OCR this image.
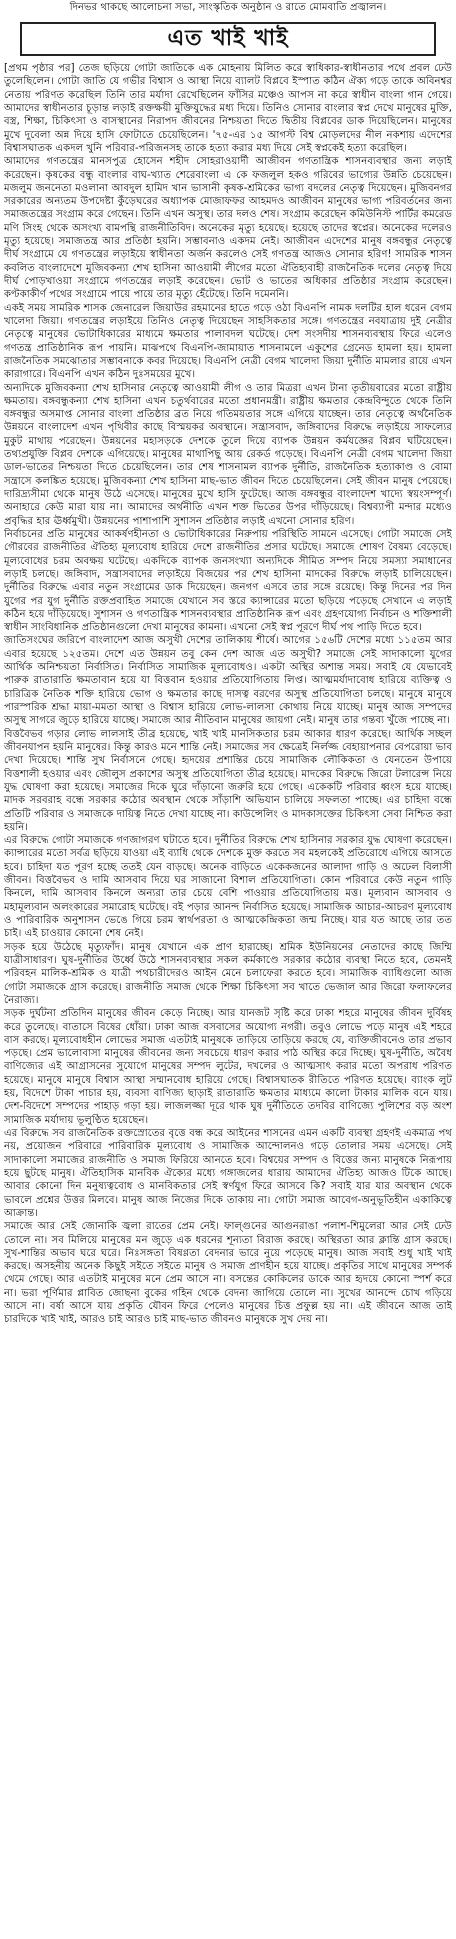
দিনভর থাকছে আলোচনা সভা, সাংস্কৃতিক অনুষ্ঠান ও রাতে মোমবাতি প্রজ্বালন।
এত খাই খাই

[প্রথম পৃষ্ঠার পর] তেজ ছড়িয়ে গোটা জাতিকে এক মোহনায় মিলিত করে স্বাধিকার-স্বাধীনতার পথে প্রবল ঢেউ তুলেছিলেন। গোটা জাতি যে গভীর বিশ্বাস ও আস্থা নিয়ে ব্যালট বিপ্লবে ইস্পাত কঠিন ঐক্য গড়ে তাকে অবিনশ্বর নেতায় পরিণত করেছিল তিনি তার মর্যাদা রেখেছিলেন ফাঁসির মঞ্চেও আপস না করে স্বাধীন বাংলা গান গেয়ে। আমাদের স্বাধীনতার চূড়ান্ত লড়াই রক্তক্ষয়ী মুক্তিযুদ্ধের মধ্য দিয়ে। তিনিও সোনার বাংলার স্বপ্ন দেখে মানুষের মুক্তি, বস্ত্র, শিক্ষা, চিকিৎসা ও বাসস্থানের নিরাপদ জীবনের নিশ্চয়তা দিতে দ্বিতীয় বিপ্লবের ডাক দিয়েছিলেন। মানুষের মুখে দুবেলা অন্ন দিয়ে হাসি ফোটাতে চেয়েছিলেন। '৭৫-এর ১৫ আগস্ট বিশ্ব মোড়লদের নীল নকশায় এদেশের বিশ্বাসঘাতক একদল খুনি পরিবার-পরিজনসহ তাকে হত্যা করার মধ্য দিয়ে সেই স্বপ্নকেই হত্যা করেছিল।

আমাদের গণতন্ত্রের মানসপুত্র হোসেন শহীদ সোহরাওয়ার্দী আজীবন গণতান্ত্রিক শাসনব্যবস্থার জন্য লড়াই করেছেন। কৃষকের বন্ধু বাংলার বাঘ-খ্যাত শেরেবাংলা এ কে ফজলুল হকও গরিবের ভাগ্যের উন্নতি চেয়েছেন। মজলুম জননেতা মওলানা আবদুল হামিদ খান ভাসানী কৃষক-শ্রমিকের ভাগ্য বদলের নেতৃত্ব দিয়েছেন। মুজিবনগর সরকারের অন্যতম উপদেষ্টা কুঁড়েঘরের অধ্যাপক মোজাফফর আহমদও আজীবন মানুষের ভাগ্য পরিবর্তনের জন্য সমাজতন্ত্রের সংগ্রাম করে গেছেন। তিনি এখন অসুস্থ। তার দলও শেষ। সংগ্রাম করেছেন কমিউনিস্ট পার্টির কমরেড মণি সিংহ থেকে অসংখ্য বামপন্থি রাজনীতিবিদ। অনেকের মৃত্যু হয়েছে। হয়েছে তাদের স্বপ্নের। অনেকের দলেরও মৃত্যু হয়েছে। সমাজতন্ত্র আর প্রতিষ্ঠা হয়নি। সম্ভাবনাও একদম নেই। আজীবন এদেশের মানুষ বঙ্গবন্ধুর নেতৃত্বে দীর্ঘ সংগ্রামে যে গণতন্ত্রের লড়াইয়ে স্বাধীনতা অর্জন করলেও সেই গণতন্ত্র আজও সোনার হরিণ! সামরিক শাসন কবলিত বাংলাদেশে মুজিবকন্যা শেখ হাসিনা আওয়ামী লীগের মতো ঐতিহ্যবাহী রাজনৈতিক দলের নেতৃত্ব দিয়ে দীর্ঘ পোড়খাওয়া সংগ্রামে গণতন্ত্রের লড়াই করেছেন। ভোট ও ভাতের অধিকার প্রতিষ্ঠার সংগ্রাম করেছেন। কণ্টকাকীর্ণ পথের সংগ্রামে পায়ে পায়ে তার মৃত্যু হেঁটেছে। তিনি দমেননি।

একই সময় সামরিক শাসক জেনারেল জিয়াউর রহমানের হাতে গড়ে ওঠা বিএনপি নামক দলটির হাল ধরেন বেগম খালেদা জিয়া। গণতন্ত্রের লড়াইয়ে তিনিও নেতৃত্ব দিয়েছেন সাহসিকতার সঙ্গে। গণতন্ত্রের নবযাত্রায় দুই নেত্রীর নেতৃত্বে মানুষের ভোটাধিকারের মাধ্যমে ক্ষমতার পালাবদল ঘটেছে। দেশ সংসদীয় শাসনব্যবস্থায় ফিরে এলেও গণতন্ত্র প্রাতিষ্ঠানিক রূপ পায়নি। মাঝপথে বিএনপি-জামায়াত শাসনামলে একুশের গ্রেনেড হামলা হয়। হামলা রাজনৈতিক সমঝোতার সম্ভাবনাকে কবর দিয়েছে। বিএনপি নেত্রী বেগম খালেদা জিয়া দুর্নীতি মামলার রায়ে এখন কারাগারে। বিএনপি এখন কঠিন দুঃসময়ের মুখে।

অন্যদিকে মুজিবকন্যা শেখ হাসিনার নেতৃত্বে আওয়ামী লীগ ও তার মিত্ররা এখন টানা তৃতীয়বারের মতো রাষ্ট্রীয় ক্ষমতায়। বঙ্গবন্ধুকন্যা শেখ হাসিনা এখন চতুর্থবারের মতো প্রধানমন্ত্রী। রাষ্ট্রীয় ক্ষমতার কেন্দ্রবিন্দুতে থেকে তিনি বঙ্গবন্ধুর অসমাপ্ত সোনার বাংলা প্রতিষ্ঠার ব্রত নিয়ে গতিময়তার সঙ্গে এগিয়ে যাচ্ছেন। তার নেতৃত্বে অর্থনৈতিক উন্নয়নে বাংলাদেশ এখন পৃথিবীর কাছে বিস্ময়কর অবস্থানে। সন্ত্রাসবাদ, জঙ্গিবাদের বিরুদ্ধে লড়াইয়ে সাফল্যের মুকুট মাথায় পরেছেন। উন্নয়নের মহাসড়কে দেশকে তুলে দিয়ে ব্যাপক উন্নয়ন কর্মযজ্ঞের বিপ্লব ঘটিয়েছেন। তথ্যপ্রযুক্তি বিপ্লব দেশকে এগিয়েছে। মানুষের মাথাপিছু আয় রেকর্ড গড়েছে। বিএনপি নেত্রী বেগম খালেদা জিয়া ডাল-ভাতের নিশ্চয়তা দিতে চেয়েছিলেন। তার শেষ শাসনামল ব্যাপক দুর্নীতি, রাজনৈতিক হত্যাকাণ্ড ও বোমা সন্ত্রাসে কলঙ্কিত হয়েছে। মুজিবকন্যা শেখ হাসিনা মাছ-ভাত জীবন দিতে চেয়েছিলেন। সেই জীবন মানুষ পেয়েছে। দারিদ্র্যসীমা থেকে মানুষ উঠে এসেছে। মানুষের মুখে হাসি ফুটেছে। আজ বঙ্গবন্ধুর বাংলাদেশ খাদ্যে স্বয়ংসম্পূর্ণ। অনাহারে কেউ মারা যায় না। আমাদের অর্থনীতি এখন শক্ত ভিতের উপর দাঁড়িয়েছে। বিশ্বব্যাপী মন্দার মধ্যেও প্রবৃদ্ধির হার ঊর্ধ্বমুখী। উন্নয়নের পাশাপাশি সুশাসন প্রতিষ্ঠার লড়াই এখনো সোনার হরিণ।

নির্বাচনের প্রতি মানুষের আকর্ষণহীনতা ও ভোটাধিকারের নিরুপায় পরিস্থিতি সামনে এসেছে। গোটা সমাজে সেই গৌরবের রাজনীতির ঐতিহ্য মূল্যবোধ হারিয়ে দেশে রাজনীতির প্রসার ঘটেছে। সমাজে শোষণ বৈষম্য বেড়েছে। মূল্যবোধের চরম অবক্ষয় ঘটেছে। একদিকে ব্যাপক জনসংখ্যা অন্যদিকে সীমিত সম্পদ নিয়ে সমস্যা সমাধানের লড়াই চলছে। জঙ্গিবাদ, সন্ত্রাসবাদের লড়াইয়ে বিজয়ের পর শেখ হাসিনা মাদকের বিরুদ্ধে লড়াই চালিয়েছেন। দুর্নীতির বিরুদ্ধে এবার নতুন সংগ্রামের ডাক দিয়েছেন। জনগণ এসবে তার সঙ্গে রয়েছে। কিন্তু দিনের পর দিন যুগের পর যুগ দুর্নীতি রক্তপ্রবাহিত সমাজে যেখানে সব স্তরে ক্যান্সারের মতো ছড়িয়ে পড়েছে সেখানে এ লড়াই কঠিন হয়ে দাঁড়িয়েছে। সুশাসন ও গণতান্ত্রিক শাসনব্যবস্থার প্রাতিষ্ঠানিক রূপ এবং গ্রহণযোগ্য নির্বাচন ও শক্তিশালী স্বাধীন সাংবিধানিক প্রতিষ্ঠানগুলো দেখা মানুষের কামনা। এখনো সেই স্বপ্ন পূরণে দীর্ঘ পথ পাড়ি দিতে হবে।

জাতিসংঘের জরিপে বাংলাদেশ আজ অসুখী দেশের তালিকায় শীর্ষে। আগের ১৫৬টি দেশের মধ্যে ১১৫তম আর এবার হয়েছে ১২৫তম। দেশে এত উন্নয়ন তবু কেন দেশ আজ এত অসুখী? সমাজে সেই সাদাকালো যুগের আর্থিক অনিশ্চয়তা নির্বাসিত। নির্বাসিত সামাজিক মূল্যবোধও। একটা অস্থির অশান্ত সময়। সবাই যে যেভাবেই পারুক রাতারাতি ক্ষমতাবান হয়ে যা বিত্তবান হওয়ার প্রতিযোগিতায় লিপ্ত। আত্মমর্যাদাবোধ হারিয়ে ব্যক্তিত্ব ও চারিত্রিক নৈতিক শক্তি হারিয়ে ভোগ ও ক্ষমতার কাছে দাসত্ব বরণের অসুস্থ প্রতিযোগিতা চলছে। মানুষে মানুষে পারস্পরিক শ্রদ্ধা মায়া-মমতা আস্থা ও বিশ্বাস হারিয়ে লোভ-লালসা কোথায় নিয়ে যাচ্ছে। মানুষ আজ সম্পদের অসুস্থ সাগরে জুড়ে হারিয়ে যাচ্ছে। সমাজে আর নীতিবান মানুষের জায়গা নেই। মানুষ তার গন্তব্য খুঁজে পাচ্ছে না।

বিত্তবৈভব গড়ার লোভ লালসাই তীব্র হয়েছে, খাই খাই মানসিকতার চরম আকার ধারণ করেছে। আর্থিক সচ্ছল জীবনযাপন হয়নি মানুষের। কিন্তু কারও মনে শান্তি নেই। সমাজের সব ক্ষেত্রেই নির্লজ্জ বেহায়াপনার বেপরোয়া ভাব দেখা দিয়েছে। শান্তি সুখ নির্বাসনে গেছে। হৃদয়ের প্রশান্তির চেয়ে সামাজিক লৌকিকতা ও যেনতেন উপায়ে বিত্তশালী হওয়ার এবং জৌলুস প্রকাশের অসুস্থ প্রতিযোগিতা তীব্র হয়েছে। মাদকের বিরুদ্ধে জিরো টলারেন্স নিয়ে যুদ্ধ ঘোষণা করা হয়েছে। সমাজের দিকে ঘুরে দাঁড়ানো জরুরি হয়ে গেছে। একেকটি পরিবার ধ্বংস হয়ে যাচ্ছে। মাদক সরবরাহ বন্ধে সরকার কঠোর অবস্থান থেকে সাঁড়াশি অভিযান চালিয়ে সফলতা পাচ্ছে। এর চাহিদা বন্ধে প্রতিটি পরিবার ও সমাজকে দায়িত্ব নিতে দেখা যাচ্ছে না। কাউন্সেলিং ও মাদকাসক্তের চিকিৎসা সেবা নিশ্চিত করা হয়নি।

এর বিরুদ্ধে গোটা সমাজকে গণজাগরণ ঘটাতে হবে। দুর্নীতির বিরুদ্ধে শেখ হাসিনার সরকার যুদ্ধ ঘোষণা করেছেন। ক্যান্সারের মতো সর্বত্র ছড়িয়ে যাওয়া এই ব্যাধি থেকে দেশকে মুক্ত করতে সব মহলকেই প্রতিরোধে এগিয়ে আসতে হবে। চাহিদা যত পূরণ হচ্ছে ততই যেন বাড়ছে। অনেক বাড়িতে একেকজনের আলাদা গাড়ি ও অঢেল বিলাসী জীবন। বিত্তবৈভব ও দামি আসবাব দিয়ে ঘর সাজানো বিশাল প্রতিযোগিতা। কোন পরিবারে কেউ নতুন গাড়ি কিনলে, দামি আসবাব কিনলে অন্যরা তার চেয়ে বেশি পাওয়ার প্রতিযোগিতায় মত্ত। মূল্যবান আসবাব ও মহামূল্যবান অলংকারের সমারোহ ঘটেছে। বই পড়ার আনন্দ নির্বাসিত হয়েছে। সামাজিক আচার-আচরণ মূল্যবোধ ও পারিবারিক অনুশাসন ভেঙে গিয়ে চরম স্বার্থপরতা ও আত্মকেন্দ্রিকতা জন্ম নিচ্ছে। যার যত আছে তার তত চাই। এই চাওয়ার কোনো শেষ নেই।

সড়ক হয়ে উঠেছে মৃত্যুফাঁদ। মানুষ যেখানে এক প্রাণ হারাচ্ছে। শ্রমিক ইউনিয়নের নেতাদের কাছে জিম্মি যাত্রীসাধারণ। ঘুষ-দুর্নীতির উর্ধ্বে উঠে শাসনব্যবস্থার সকল কর্মকাণ্ডে সরকার কঠোর ব্যবস্থা নিতে হবে, তেমনই পরিবহন মালিক-শ্রমিক ও যাত্রী পথচারীদেরও আইন মেনে চলাফেরা করতে হবে। সামাজিক ব্যাধিগুলো আজ গোটা সমাজকে গ্রাস করেছে। রাজনীতি সমাজ থেকে শিক্ষা চিকিৎসা সব খাতে ভেজাল আর জিরো ফলাফলের নৈরাজ্য।

সড়ক দুর্ঘটনা প্রতিদিন মানুষের জীবন কেড়ে নিচ্ছে। আর যানজট সৃষ্টি করে ঢাকা শহরে মানুষের জীবন দুর্বিষহ করে তুলেছে। বাতাসে বিষের ধোঁয়া। ঢাকা আজ বসবাসের অযোগ্য নগরী। তবুও লোভে পড়ে মানুষ এই শহরে বাস করছে। মূল্যবোধহীন লোভের সমাজ এতটাই মানুষকে তাড়িয়ে তাড়িয়ে করছে যে, ব্যক্তিজীবনেও তার প্রভাব পড়ছে। প্রেম ভালোবাসা মানুষের জীবনের জন্য সবচেয়ে ধারণ করার পাঠ অস্থির করে দিচ্ছে। ঘুষ-দুর্নীতি, অবৈধ বাণিজ্যের এই আগ্রাসনের সুযোগে মানুষের সম্পদ লুটের, দখলের ও আত্মসাৎ করার মতো অপরাধ পরিণত হয়েছে। মানুষে মানুষে বিশ্বাস আস্থা সম্মানবোধ হারিয়ে গেছে। বিশ্বাসঘাতক রীতিতে পরিণত হয়েছে। ব্যাংক লুট হয়, বিদেশে টাকা পাচার হয়, ব্যবসা বাণিজ্য ছাড়াই রাতারাতি ক্ষমতার মাধ্যমে কালো টাকার মালিক বনে যায়। দেশ-বিদেশে সম্পদের পাহাড় গড়া হয়। লাজলজ্জা দূরে থাক ঘুষ দুর্নীতিতে তদবির বাণিজ্যে পুলিশের বড় অংশ সামাজিক মর্যাদায় ভূলুণ্ঠিত হয়েছেন।

এর বিরুদ্ধে সব রাজনৈতিক রক্তস্রোতের বৃত্তে বন্ধ করে আইনের শাসনের এমন একটি ব্যবস্থা গ্রহণই একমাত্র পথ নয়, প্রয়োজন পরিবারে পারিবারিক মূল্যবোধ ও সামাজিক আন্দোলনও গড়ে তোলার সময় এসেছে। সেই সাদাকালো সমাজের রাজনীতি ও সমাজ ফিরিয়ে আনতে হবে। বিশ্বয়ের সম্পদ ও বিত্তের জন্য মানুষকে নিরূপায় হয়ে ছুটছে মানুষ। ঐতিহাসিক মানবিক ঐক্যের মধ্যে গঙ্গাজলের ধারায় আমাদের ঐতিহ্য আজও টিকে আছে। আবার কোনো দিন মনুষ্যত্ববোধ ও মানবিকতার সেই স্বর্ণযুগ ফিরে আসবে কি? সবাই যার যার অবস্থান থেকে ভাবলে প্রশ্নের উত্তর মিলবে। মানুষ আজ নিজের দিকে তাকায় না। গোটা সমাজ আবেগ-অনুভূতিহীন একাকিত্বে আক্রান্ত।

সমাজে আর সেই জোনাকি জ্বলা রাতের প্রেম নেই। ফাল্গুনের আগুনরাঙা পলাশ-শিমুলেরা আর সেই ঢেউ তোলে না। সব মিলিয়ে মানুষের মন জুড়ে এক ধরনের শূন্যতা বিরাজ করছে। অস্থিরতা আর ক্লান্তি গ্রাস করছে। সুখ-শান্তির অভাব ঘরে ঘরে। নিঃসঙ্গতা বিষণ্ণতা বেদনার ভারে নুয়ে পড়েছে মানুষ। আজ সবাই শুধু খাই খাই করছে। অসহনীয় অনেক কিছুই সইতে সইতে মানুষ ও সমাজ প্রাণহীন হয়ে যাচ্ছে। প্রকৃতির সাথে মানুষের সম্পর্ক থেমে গেছে। আর এতটাই মানুষের মনে প্রেম আসে না। বসন্তের কোকিলের ডাকে আর হৃদয়ে কোনো স্পর্শ করে না। ভরা পূর্ণিমার প্লাবিত জোছনা বুকের গহিন থেকে বেদনা জাগিয়ে তোলে না। সুখের আনন্দে চোখ গড়িয়ে আসে না। বর্ষা আসে যায় প্রকৃতি যৌবন ফিরে পেলেও মানুষের চিত্ত প্রফুল্ল হয় না। এই জীবনে আজ তাই চারদিকে খাই খাই, আরও চাই আরও চাই মাছ-ভাত জীবনও মানুষকে সুখ দেয় না।
